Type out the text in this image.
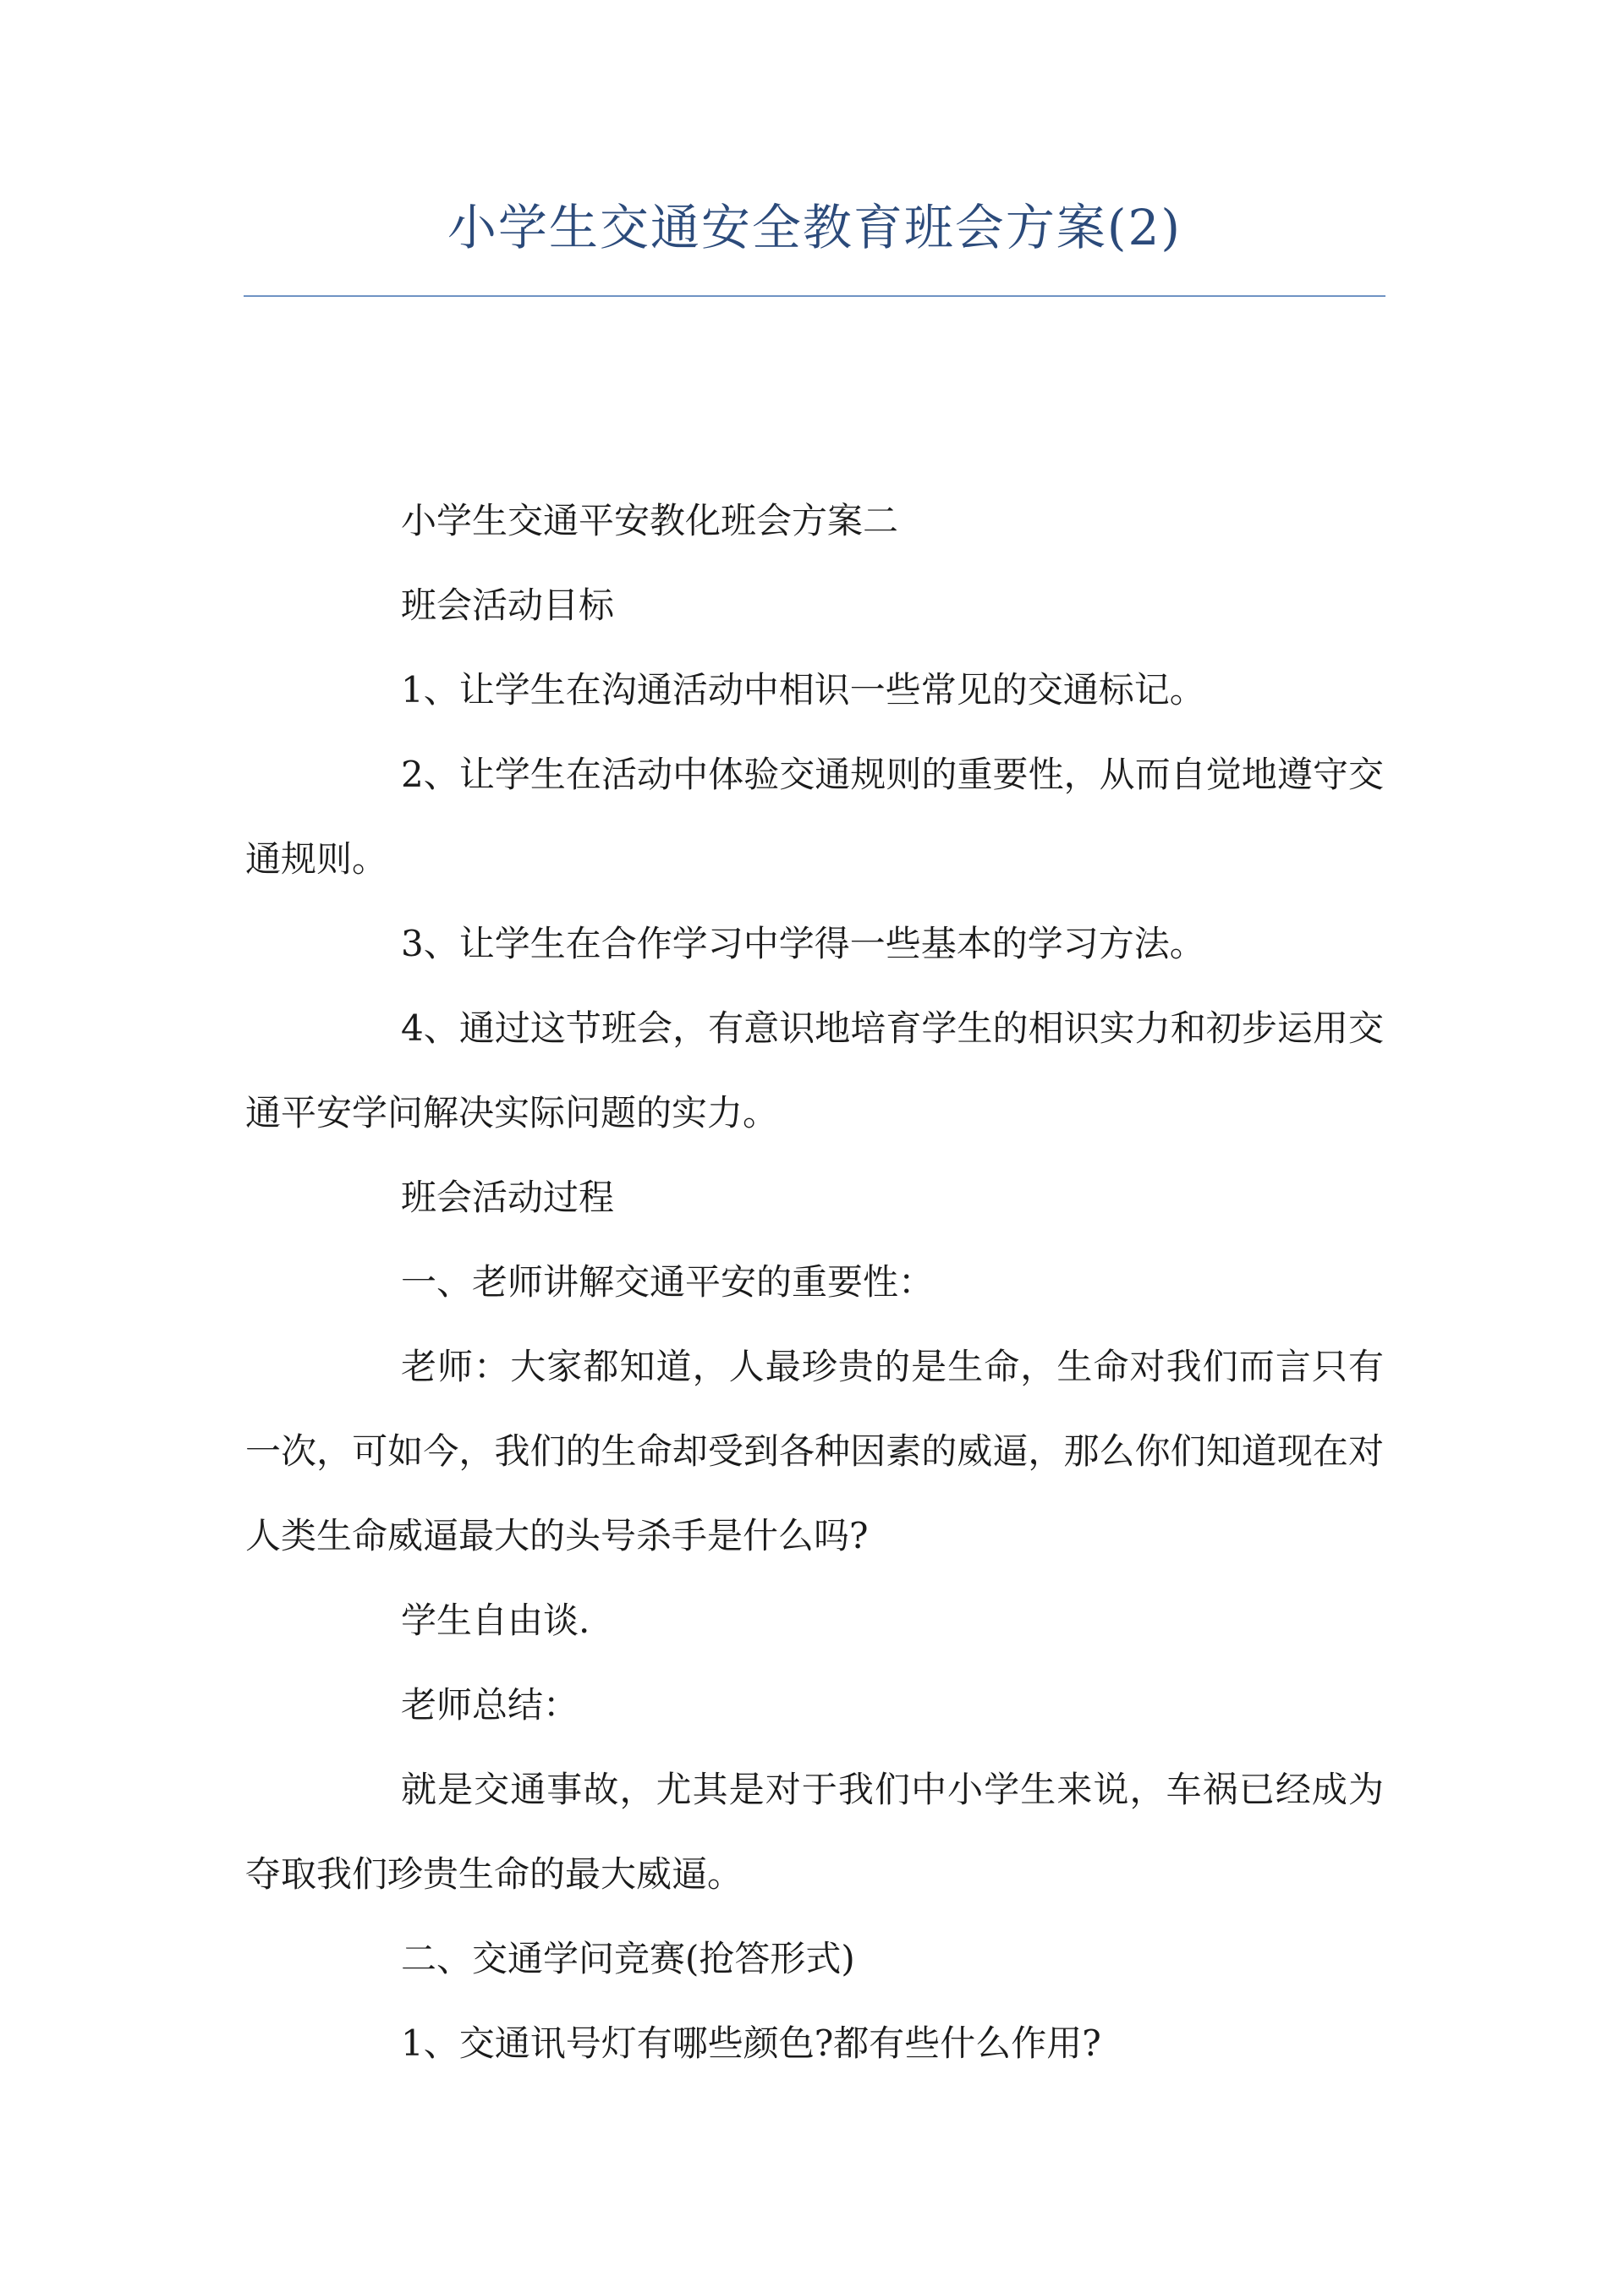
小学生交通安全教育班会方案(2)

小学生交通平安教化班会方案二

班会活动目标

1、让学生在沟通活动中相识一些常见的交通标记。

2、让学生在活动中体验交通规则的重要性，从而自觉地遵守交通规则。

3、让学生在合作学习中学得一些基本的学习方法。

4、通过这节班会，有意识地培育学生的相识实力和初步运用交通平安学问解决实际问题的实力。

班会活动过程

一、老师讲解交通平安的重要性：

老师：大家都知道，人最珍贵的是生命，生命对我们而言只有一次，可如今，我们的生命却受到各种因素的威逼，那么你们知道现在对人类生命威逼最大的头号杀手是什么吗?

学生自由谈.

老师总结：

就是交通事故，尤其是对于我们中小学生来说，车祸已经成为夺取我们珍贵生命的最大威逼。

二、交通学问竞赛(抢答形式)

1、交通讯号灯有哪些颜色?都有些什么作用?
